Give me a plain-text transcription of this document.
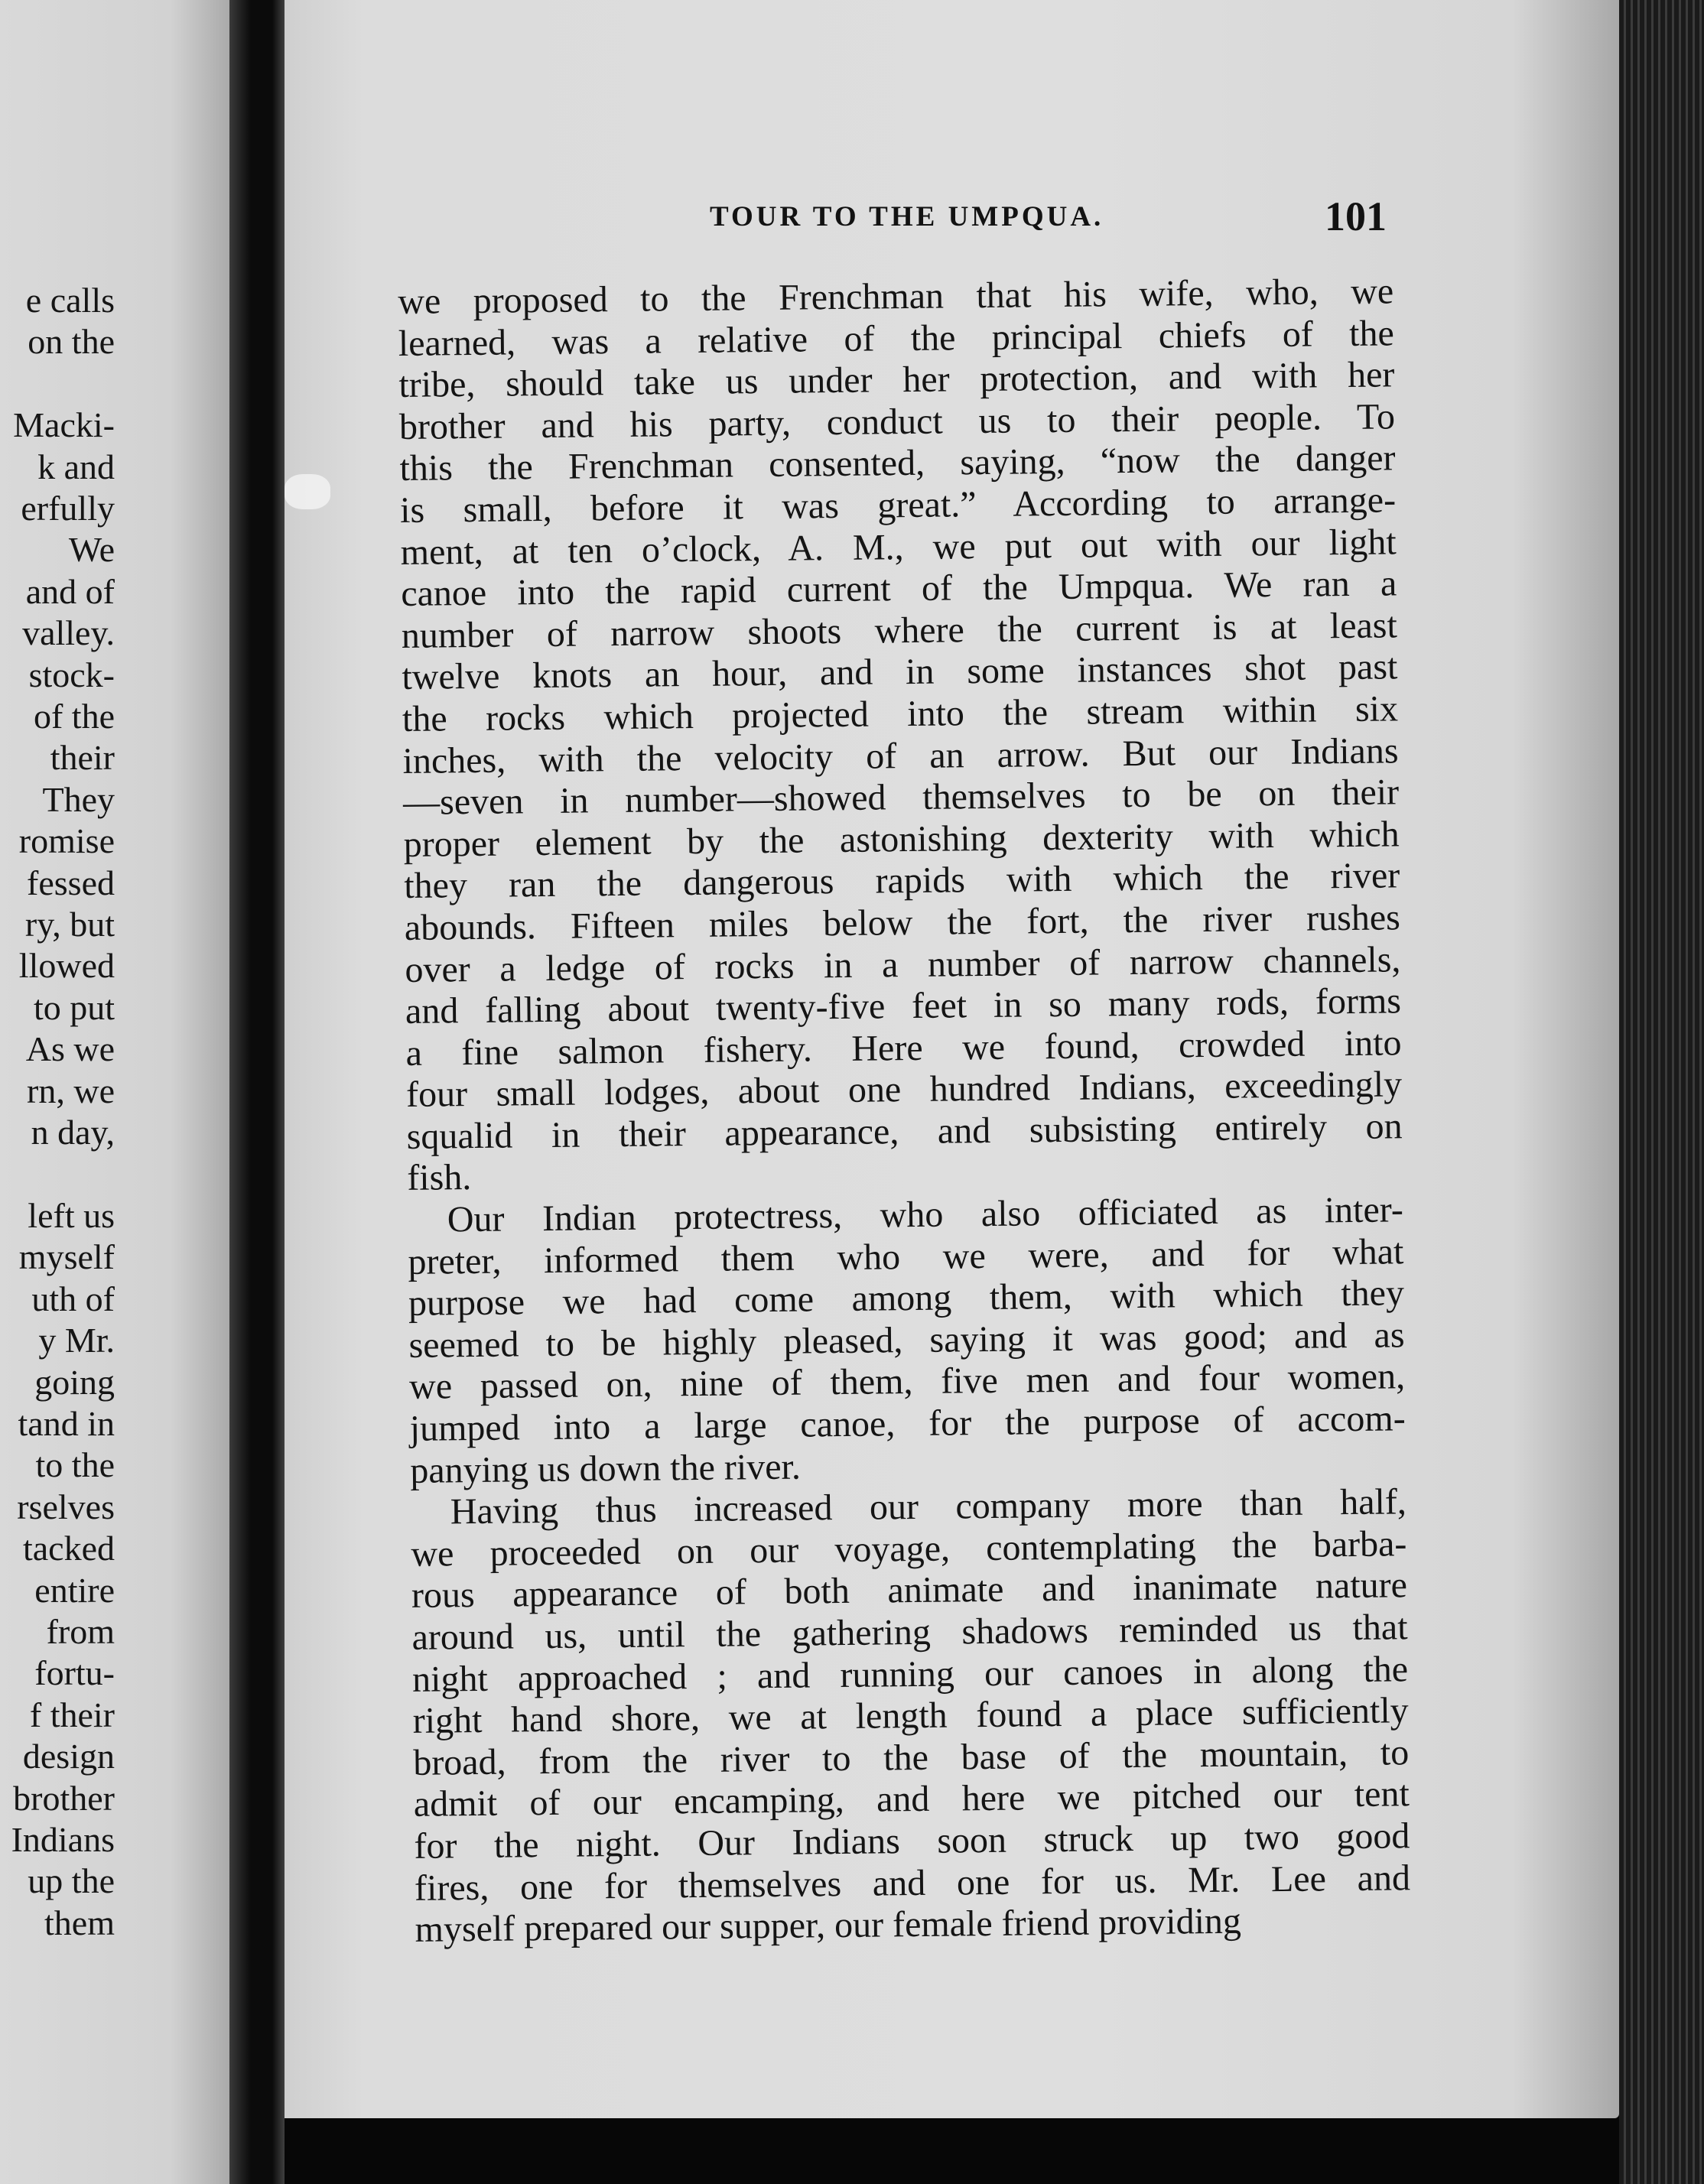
e calls
on the
Macki-
k and
erfully
We
and of
valley.
stock-
of the
their
They
romise
fessed
ry, but
llowed
to put
As we
rn, we
n day,
left us
myself
uth of
y Mr.
going
tand in
to the
rselves
tacked
entire
from
fortu-
f their
design
brother
Indians
up the
them
TOUR TO THE UMPQUA.	101
we proposed to the Frenchman that his wife, who, we
learned, was a relative of the principal chiefs of the
tribe, should take us under her protection, and with her
brother and his party, conduct us to their people. To
this the Frenchman consented, saying, “now the danger
is small, before it was great.” According to arrange-
ment, at ten o’clock, A. M., we put out with our light
canoe into the rapid current of the Umpqua. We ran a
number of narrow shoots where the current is at least
twelve knots an hour, and in some instances shot past
the rocks which projected into the stream within six
inches, with the velocity of an arrow. But our Indians
—seven in number—showed themselves to be on their
proper element by the astonishing dexterity with which
they ran the dangerous rapids with which the river
abounds. Fifteen miles below the fort, the river rushes
over a ledge of rocks in a number of narrow channels,
and falling about twenty-five feet in so many rods, forms
a fine salmon fishery. Here we found, crowded into
four small lodges, about one hundred Indians, exceedingly
squalid in their appearance, and subsisting entirely on
fish.
Our Indian protectress, who also officiated as inter-
preter, informed them who we were, and for what
purpose we had come among them, with which they
seemed to be highly pleased, saying it was good; and as
we passed on, nine of them, five men and four women,
jumped into a large canoe, for the purpose of accom-
panying us down the river.
Having thus increased our company more than half,
we proceeded on our voyage, contemplating the barba-
rous appearance of both animate and inanimate nature
around us, until the gathering shadows reminded us that
night approached ; and running our canoes in along the
right hand shore, we at length found a place sufficiently
broad, from the river to the base of the mountain, to
admit of our encamping, and here we pitched our tent
for the night. Our Indians soon struck up two good
fires, one for themselves and one for us. Mr. Lee and
myself prepared our supper, our female friend providing
